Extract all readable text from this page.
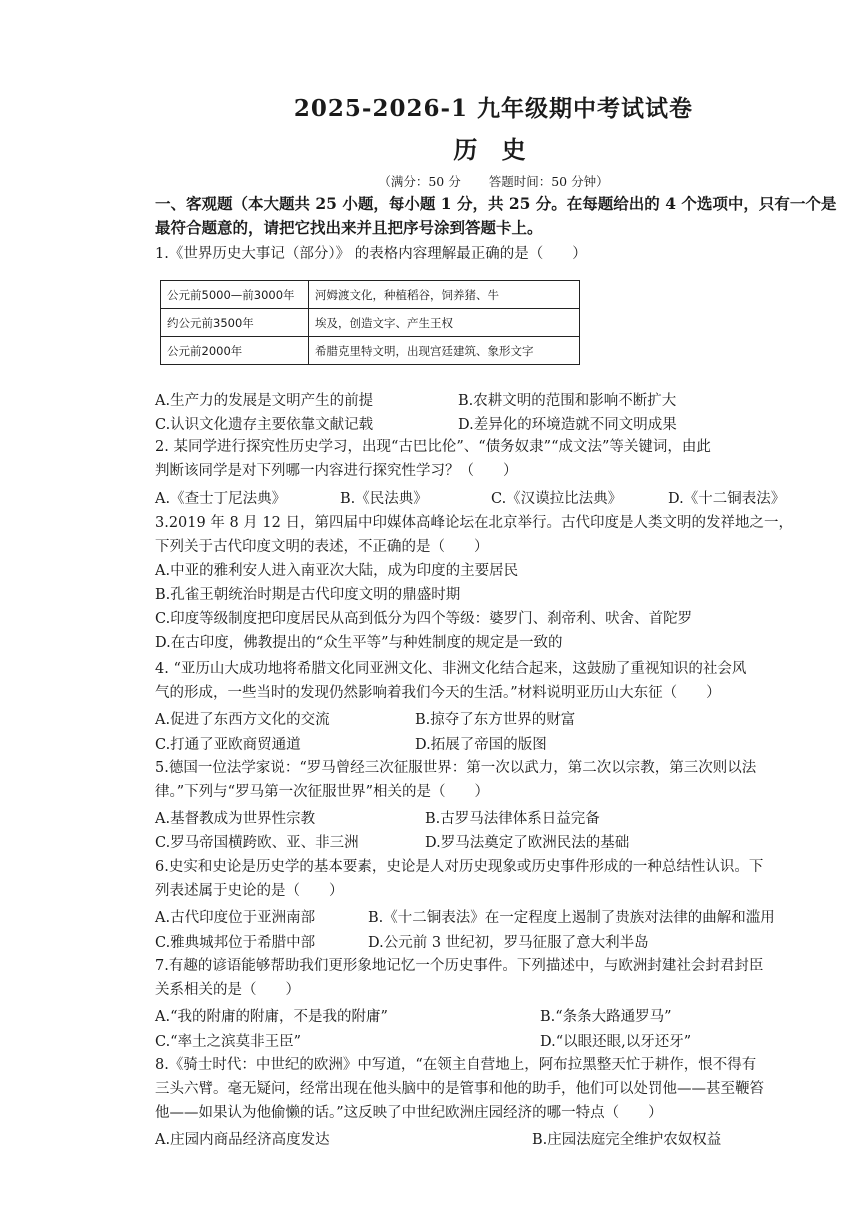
2025-2026-1 九年级期中考试试卷
历 史
（满分：50 分 答题时间：50 分钟）
一、客观题（本大题共 25 小题，每小题 1 分，共 25 分。在每题给出的 4 个选项中，只有一个是
最符合题意的，请把它找出来并且把序号涂到答题卡上。
1.《世界历史大事记（部分）》 的表格内容理解最正确的是（　　）
公元前5000—前3000年	河姆渡文化，种植稻谷，饲养猪、牛
约公元前3500年	埃及，创造文字、产生王权
公元前2000年	希腊克里特文明，出现宫廷建筑、象形文字
A.生产力的发展是文明产生的前提	B.农耕文明的范围和影响不断扩大
C.认识文化遗存主要依靠文献记载	D.差异化的环境造就不同文明成果
2. 某同学进行探究性历史学习，出现“古巴比伦”、“债务奴隶”“成文法”等关键词，由此
判断该同学是对下列哪一内容进行探究性学习？（　　）
A.《查士丁尼法典》	B.《民法典》	C.《汉谟拉比法典》	D.《十二铜表法》
3.2019 年 8 月 12 日，第四届中印媒体高峰论坛在北京举行。古代印度是人类文明的发祥地之一，
下列关于古代印度文明的表述，不正确的是（　　）
A.中亚的雅利安人进入南亚次大陆，成为印度的主要居民
B.孔雀王朝统治时期是古代印度文明的鼎盛时期
C.印度等级制度把印度居民从高到低分为四个等级：婆罗门、刹帝利、吠舍、首陀罗
D.在古印度，佛教提出的“众生平等”与种姓制度的规定是一致的
4. “亚历山大成功地将希腊文化同亚洲文化、非洲文化结合起来，这鼓励了重视知识的社会风
气的形成，一些当时的发现仍然影响着我们今天的生活。”材料说明亚历山大东征（　　）
A.促进了东西方文化的交流	B.掠夺了东方世界的财富
C.打通了亚欧商贸通道	D.拓展了帝国的版图
5.德国一位法学家说：“罗马曾经三次征服世界：第一次以武力，第二次以宗教，第三次则以法
律。”下列与“罗马第一次征服世界”相关的是（　　）
A.基督教成为世界性宗教	B.古罗马法律体系日益完备
C.罗马帝国横跨欧、亚、非三洲	D.罗马法奠定了欧洲民法的基础
6.史实和史论是历史学的基本要素，史论是人对历史现象或历史事件形成的一种总结性认识。下
列表述属于史论的是（　　）
A.古代印度位于亚洲南部	B.《十二铜表法》在一定程度上遏制了贵族对法律的曲解和滥用
C.雅典城邦位于希腊中部	D.公元前 3 世纪初，罗马征服了意大利半岛
7.有趣的谚语能够帮助我们更形象地记忆一个历史事件。下列描述中，与欧洲封建社会封君封臣
关系相关的是（　　）
A.“我的附庸的附庸，不是我的附庸”	B.“条条大路通罗马”
C.“率土之滨莫非王臣”	D.“以眼还眼,以牙还牙”
8.《骑士时代：中世纪的欧洲》中写道，“在领主自营地上，阿布拉黑整天忙于耕作，恨不得有
三头六臂。毫无疑问，经常出现在他头脑中的是管事和他的助手，他们可以处罚他——甚至鞭笞
他——如果认为他偷懒的话。”这反映了中世纪欧洲庄园经济的哪一特点（　　）
A.庄园内商品经济高度发达	B.庄园法庭完全维护农奴权益
